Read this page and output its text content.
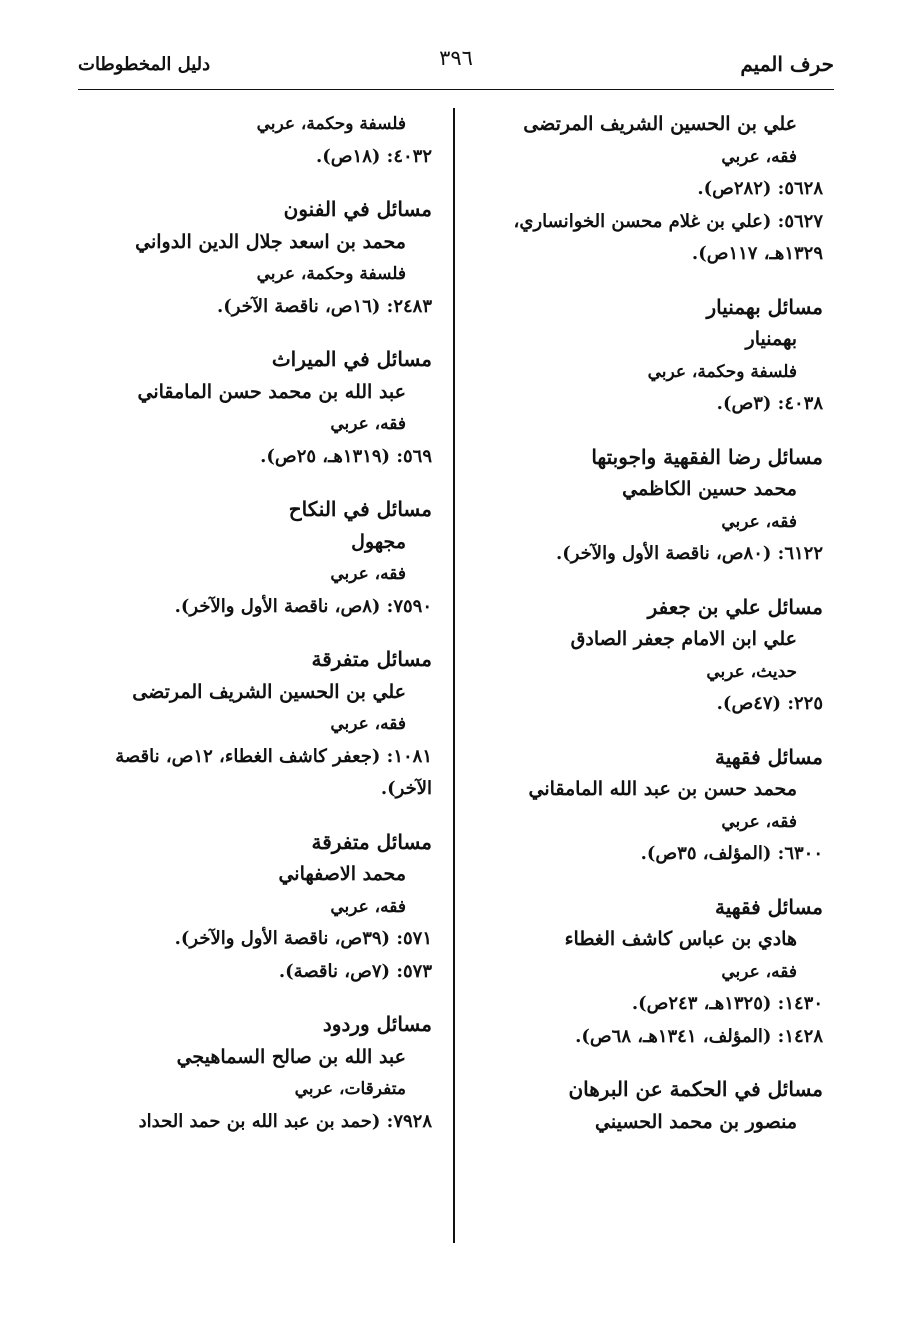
حرف الميم
٣٩٦
دليل المخطوطات
علي بن الحسين الشريف المرتضى
فقه، عربي
٥٦٢٨: (٢٨٢ص).
٥٦٢٧: (علي بن غلام محسن الخوانساري،
١٣٢٩هـ، ١١٧ص).
مسائل بهمنيار
بهمنيار
فلسفة وحكمة، عربي
٤٠٣٨: (٣ص).
مسائل رضا الفقهية واجوبتها
محمد حسين الكاظمي
فقه، عربي
٦١٢٢: (٨٠ص، ناقصة الأول والآخر).
مسائل علي بن جعفر
علي ابن الامام جعفر الصادق
حديث، عربي
٢٢٥: (٤٧ص).
مسائل فقهية
محمد حسن بن عبد الله المامقاني
فقه، عربي
٦٣٠٠: (المؤلف، ٣٥ص).
مسائل فقهية
هادي بن عباس كاشف الغطاء
فقه، عربي
١٤٣٠: (١٣٢٥هـ، ٢٤٣ص).
١٤٢٨: (المؤلف، ١٣٤١هـ، ٦٨ص).
مسائل في الحكمة عن البرهان
منصور بن محمد الحسيني
فلسفة وحكمة، عربي
٤٠٣٢: (١٨ص).
مسائل في الفنون
محمد بن اسعد جلال الدين الدواني
فلسفة وحكمة، عربي
٢٤٨٣: (١٦ص، ناقصة الآخر).
مسائل في الميراث
عبد الله بن محمد حسن المامقاني
فقه، عربي
٥٦٩: (١٣١٩هـ، ٢٥ص).
مسائل في النكاح
مجهول
فقه، عربي
٧٥٩٠: (٨ص، ناقصة الأول والآخر).
مسائل متفرقة
علي بن الحسين الشريف المرتضى
فقه، عربي
١٠٨١: (جعفر كاشف الغطاء، ١٢ص، ناقصة
الآخر).
مسائل متفرقة
محمد الاصفهاني
فقه، عربي
٥٧١: (٣٩ص، ناقصة الأول والآخر).
٥٧٣: (٧ص، ناقصة).
مسائل وردود
عبد الله بن صالح السماهيجي
متفرقات، عربي
٧٩٢٨: (حمد بن عبد الله بن حمد الحداد
